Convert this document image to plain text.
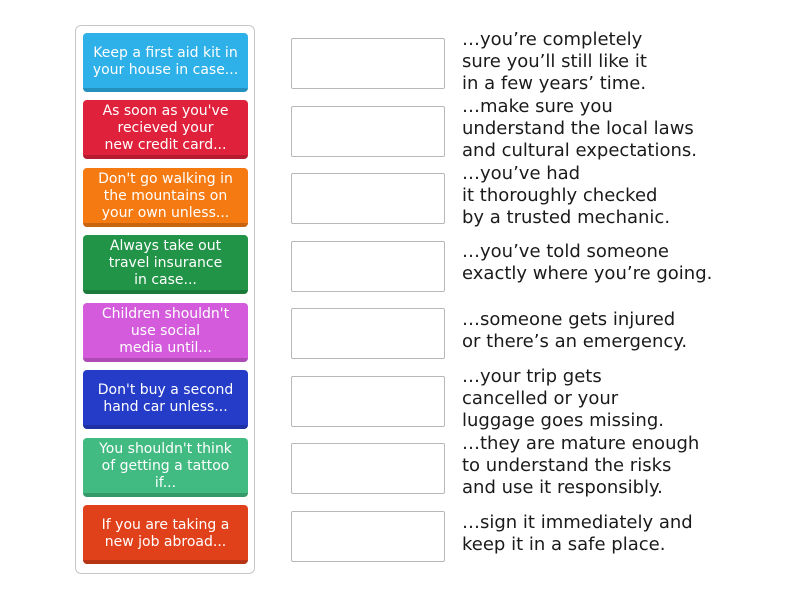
Keep a first aid kit in
your house in case...
As soon as you've
recieved your
new credit card...
Don't go walking in
the mountains on
your own unless...
Always take out
travel insurance
in case...
Children shouldn't
use social
media until...
Don't buy a second
hand car unless...
You shouldn't think
of getting a tattoo if...
If you are taking a
new job abroad...
…you’re completely
sure you’ll still like it
in a few years’ time.
…make sure you
understand the local laws
and cultural expectations.
…you’ve had
it thoroughly checked
by a trusted mechanic.
…you’ve told someone
exactly where you’re going.
…someone gets injured
or there’s an emergency.
…your trip gets
cancelled or your
luggage goes missing.
…they are mature enough
to understand the risks
and use it responsibly.
…sign it immediately and
keep it in a safe place.
